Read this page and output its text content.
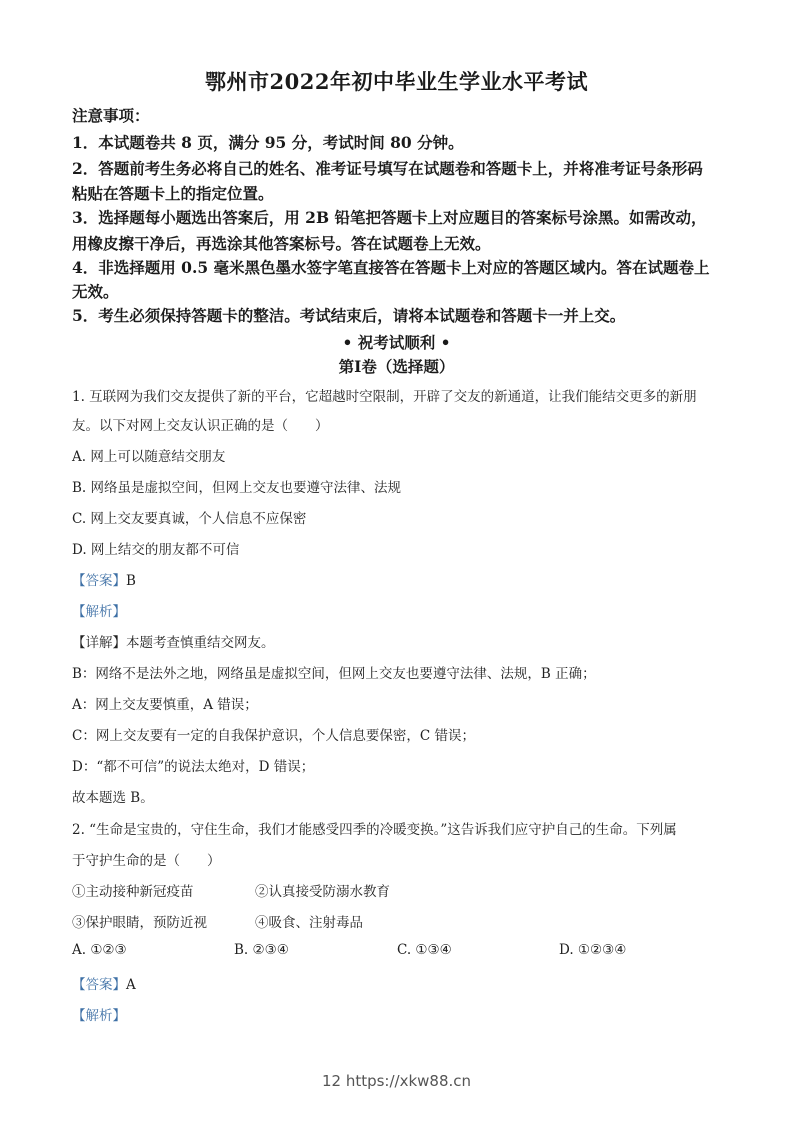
鄂州市2022年初中毕业生学业水平考试
注意事项：
1．本试题卷共 8 页，满分 95 分，考试时间 80 分钟。
2．答题前考生务必将自己的姓名、准考证号填写在试题卷和答题卡上，并将准考证号条形码
粘贴在答题卡上的指定位置。
3．选择题每小题选出答案后，用 2B 铅笔把答题卡上对应题目的答案标号涂黑。如需改动，
用橡皮擦干净后，再选涂其他答案标号。答在试题卷上无效。
4．非选择题用 0.5 毫米黑色墨水签字笔直接答在答题卡上对应的答题区域内。答在试题卷上
无效。
5．考生必须保持答题卡的整洁。考试结束后，请将本试题卷和答题卡一并上交。
• 祝考试顺利 •
第Ⅰ卷（选择题）
1. 互联网为我们交友提供了新的平台，它超越时空限制，开辟了交友的新通道，让我们能结交更多的新朋
友。以下对网上交友认识正确的是（　　）
A. 网上可以随意结交朋友
B. 网络虽是虚拟空间，但网上交友也要遵守法律、法规
C. 网上交友要真诚，个人信息不应保密
D. 网上结交的朋友都不可信
【答案】B
【解析】
【详解】本题考查慎重结交网友。
B：网络不是法外之地，网络虽是虚拟空间，但网上交友也要遵守法律、法规，B 正确；
A：网上交友要慎重，A 错误；
C：网上交友要有一定的自我保护意识，个人信息要保密，C 错误；
D：“都不可信”的说法太绝对，D 错误；
故本题选 B。
2. “生命是宝贵的，守住生命，我们才能感受四季的冷暖变换。”这告诉我们应守护自己的生命。下列属
于守护生命的是（　　）
①主动接种新冠疫苗	②认真接受防溺水教育
③保护眼睛，预防近视	④吸食、注射毒品
A. ①②③	B. ②③④	C. ①③④	D. ①②③④
【答案】A
【解析】
12 https://xkw88.cn
